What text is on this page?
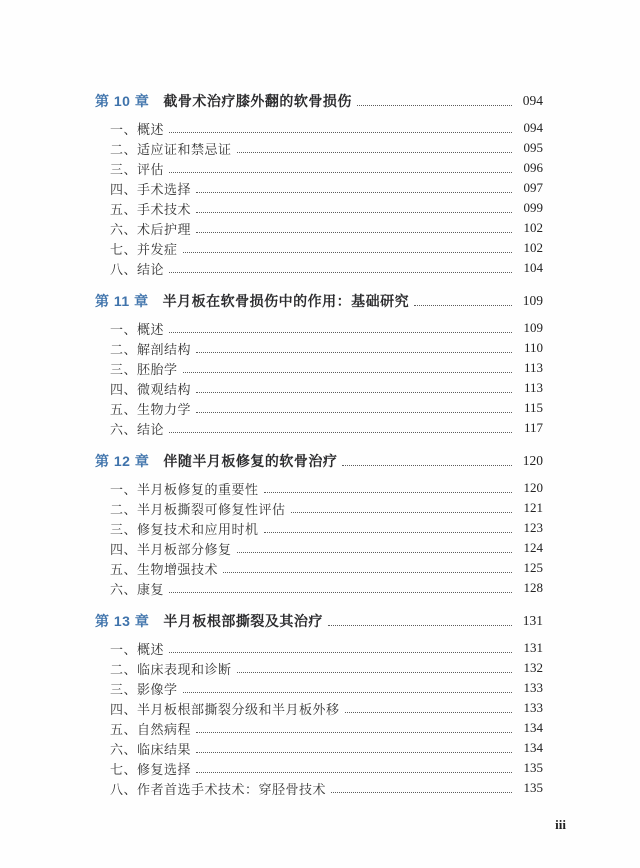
第 10 章 截骨术治疗膝外翻的软骨损伤	094
一、 概述	094
二、 适应证和禁忌证	095
三、 评估	096
四、 手术选择	097
五、 手术技术	099
六、 术后护理	102
七、 并发症	102
八、 结论	104
第 11 章 半月板在软骨损伤中的作用：基础研究	109
一、 概述	109
二、 解剖结构	110
三、 胚胎学	113
四、 微观结构	113
五、 生物力学	115
六、 结论	117
第 12 章 伴随半月板修复的软骨治疗	120
一、 半月板修复的重要性	120
二、 半月板撕裂可修复性评估	121
三、 修复技术和应用时机	123
四、 半月板部分修复	124
五、 生物增强技术	125
六、 康复	128
第 13 章 半月板根部撕裂及其治疗	131
一、 概述	131
二、 临床表现和诊断	132
三、 影像学	133
四、 半月板根部撕裂分级和半月板外移	133
五、 自然病程	134
六、 临床结果	134
七、 修复选择	135
八、 作者首选手术技术：穿胫骨技术	135
iii
